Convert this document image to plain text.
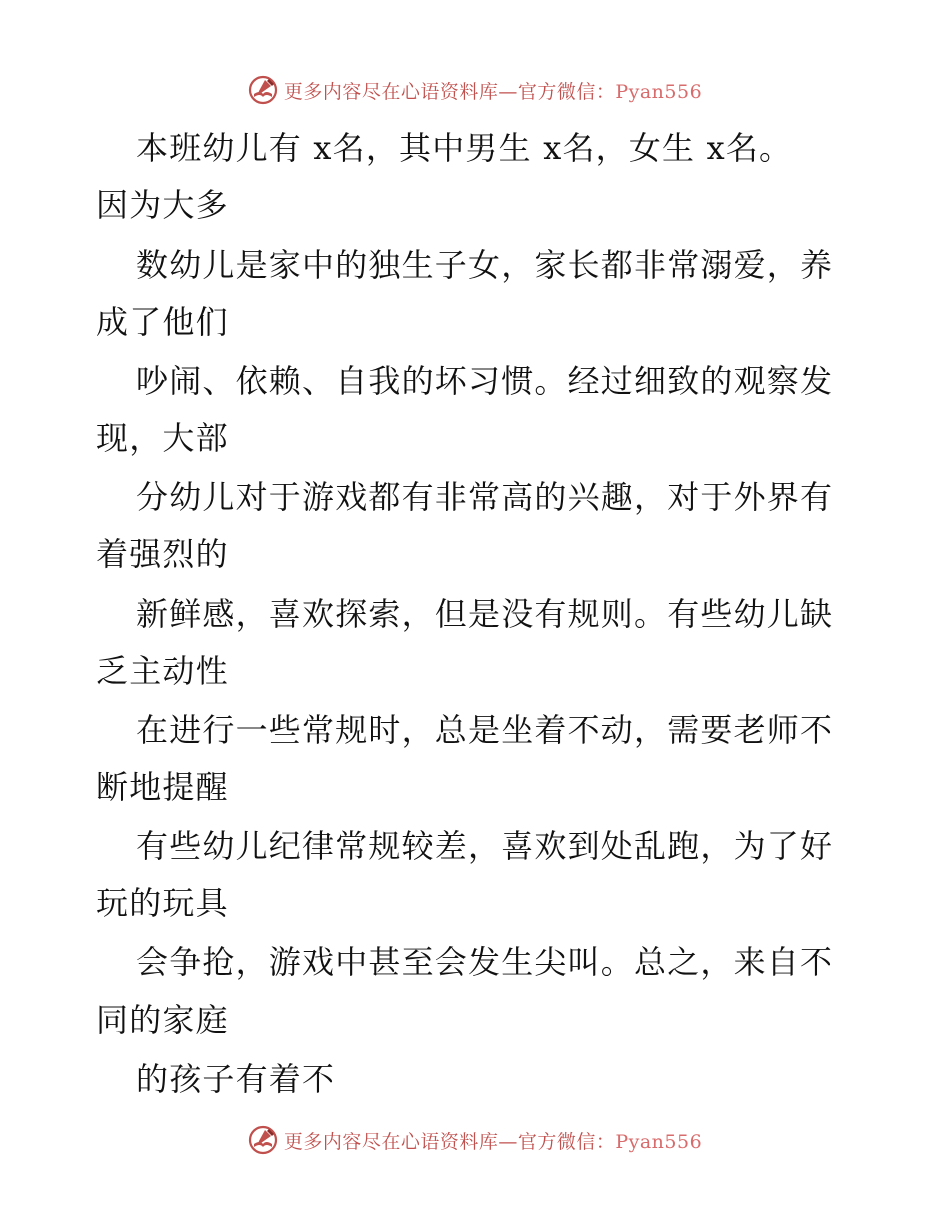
更多内容尽在心语资料库—官方微信：Pyan556
本班幼儿有 x名，其中男生 x名，女生 x名。
因为大多
数幼儿是家中的独生子女，家长都非常溺爱，养
成了他们
吵闹、依赖、自我的坏习惯。经过细致的观察发
现，大部
分幼儿对于游戏都有非常高的兴趣，对于外界有
着强烈的
新鲜感，喜欢探索，但是没有规则。有些幼儿缺
乏主动性
在进行一些常规时，总是坐着不动，需要老师不
断地提醒
有些幼儿纪律常规较差，喜欢到处乱跑，为了好
玩的玩具
会争抢，游戏中甚至会发生尖叫。总之，来自不
同的家庭
的孩子有着不
更多内容尽在心语资料库—官方微信：Pyan556
